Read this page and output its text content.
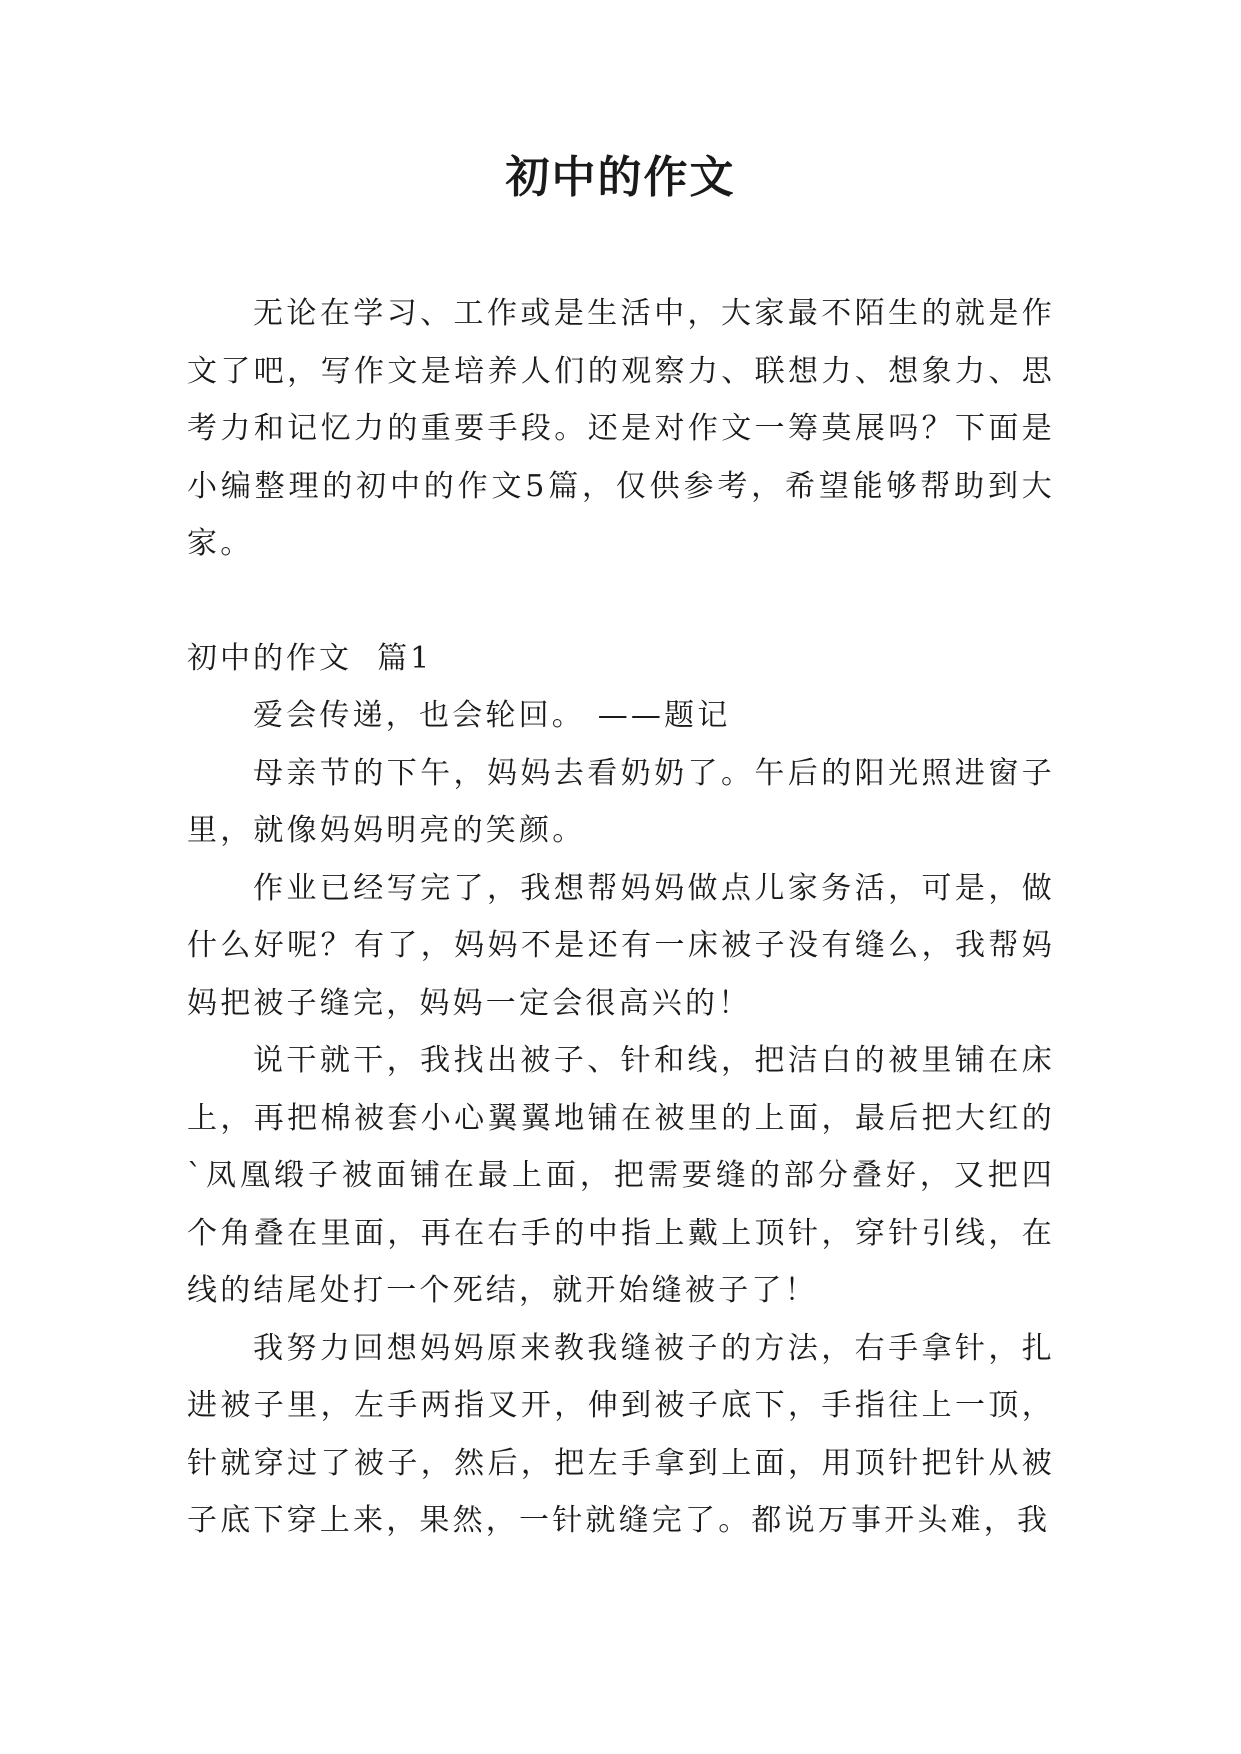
初中的作文

无论在学习、工作或是生活中，大家最不陌生的就是作文了吧，写作文是培养人们的观察力、联想力、想象力、思考力和记忆力的重要手段。还是对作文一筹莫展吗？下面是小编整理的初中的作文5篇，仅供参考，希望能够帮助到大家。

初中的作文  篇1

爱会传递，也会轮回。 ——题记

母亲节的下午，妈妈去看奶奶了。午后的阳光照进窗子里，就像妈妈明亮的笑颜。

作业已经写完了，我想帮妈妈做点儿家务活，可是，做什么好呢？有了，妈妈不是还有一床被子没有缝么，我帮妈妈把被子缝完，妈妈一定会很高兴的！

说干就干，我找出被子、针和线，把洁白的被里铺在床上，再把棉被套小心翼翼地铺在被里的上面，最后把大红的`凤凰缎子被面铺在最上面，把需要缝的部分叠好，又把四个角叠在里面，再在右手的中指上戴上顶针，穿针引线，在线的结尾处打一个死结，就开始缝被子了！

我努力回想妈妈原来教我缝被子的方法，右手拿针，扎进被子里，左手两指叉开，伸到被子底下，手指往上一顶，针就穿过了被子，然后，把左手拿到上面，用顶针把针从被子底下穿上来，果然，一针就缝完了。都说万事开头难，我
